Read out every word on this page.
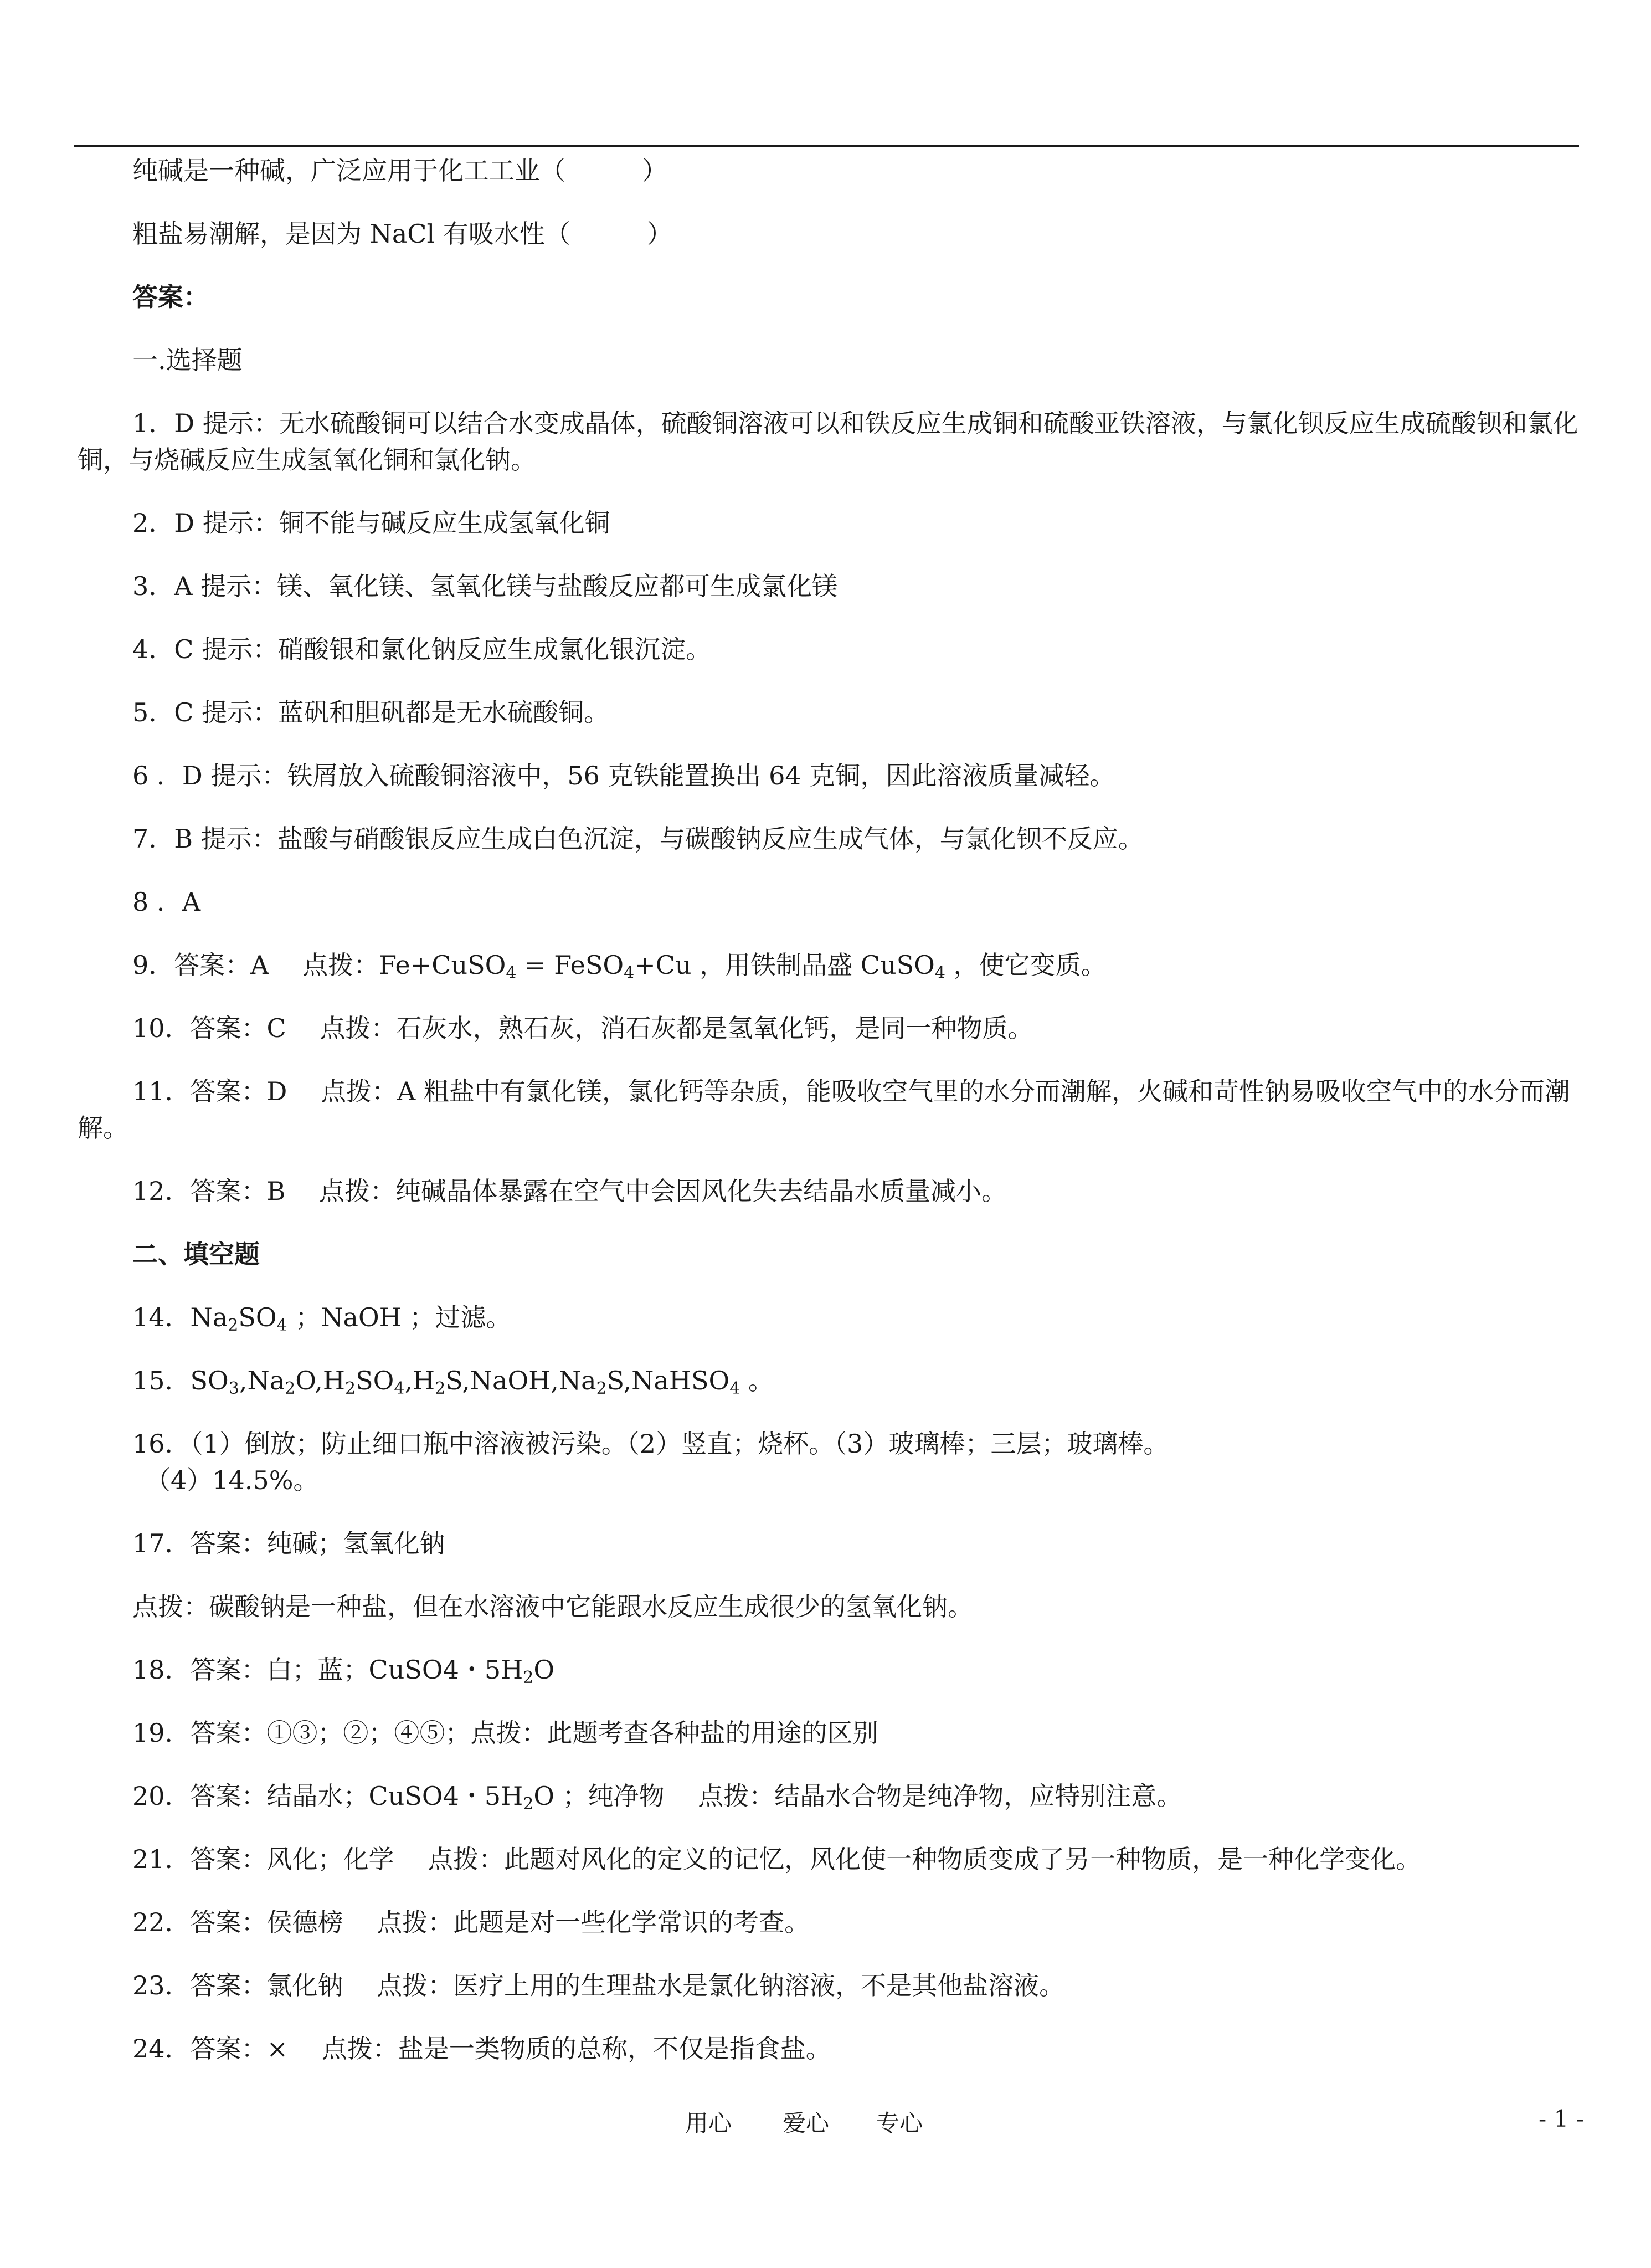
纯碱是一种碱，广泛应用于化工工业（　　　）
粗盐易潮解，是因为 NaCl 有吸水性（　　　）
答案：
一.选择题
1．D 提示：无水硫酸铜可以结合水变成晶体，硫酸铜溶液可以和铁反应生成铜和硫酸亚铁溶液，与氯化钡反应生成硫酸钡和氯化铜，与烧碱反应生成氢氧化铜和氯化钠。
2．D 提示：铜不能与碱反应生成氢氧化铜
3．A 提示：镁、氧化镁、氢氧化镁与盐酸反应都可生成氯化镁
4．C 提示：硝酸银和氯化钠反应生成氯化银沉淀。
5．C 提示：蓝矾和胆矾都是无水硫酸铜。
6 ．D 提示：铁屑放入硫酸铜溶液中，56 克铁能置换出 64 克铜，因此溶液质量减轻。
7．B 提示：盐酸与硝酸银反应生成白色沉淀，与碳酸钠反应生成气体，与氯化钡不反应。
8 ．A
9．答案：A　 点拨：Fe+CuSO$_4$ = FeSO$_4$+Cu ，用铁制品盛 CuSO$_4$ ，使它变质。
10．答案：C　 点拨：石灰水，熟石灰，消石灰都是氢氧化钙，是同一种物质。
11．答案：D　 点拨：A 粗盐中有氯化镁，氯化钙等杂质，能吸收空气里的水分而潮解，火碱和苛性钠易吸收空气中的水分而潮解。
12．答案：B　 点拨：纯碱晶体暴露在空气中会因风化失去结晶水质量减小。
二、填空题
14．$Na_2SO_4$ ；NaOH ；过滤。
15．$SO_3,Na_2O,H_2SO_4,H_2S,NaOH,Na_2S,NaHSO_4$ 。
16．（1）倒放；防止细口瓶中溶液被污染。（2）竖直；烧杯。（3）玻璃棒；三层；玻璃棒。
（4）14.5%。
17．答案：纯碱；氢氧化钠
点拨：碳酸钠是一种盐，但在水溶液中它能跟水反应生成很少的氢氧化钠。
18．答案：白；蓝；CuSO4・$5H_2O$
19．答案：①③；②；④⑤；点拨：此题考查各种盐的用途的区别
20．答案：结晶水；CuSO4・$5H_2O$ ；纯净物　 点拨：结晶水合物是纯净物，应特别注意。
21．答案：风化；化学　 点拨：此题对风化的定义的记忆，风化使一种物质变成了另一种物质，是一种化学变化。
22．答案：侯德榜　 点拨：此题是对一些化学常识的考查。
23．答案：氯化钠　 点拨：医疗上用的生理盐水是氯化钠溶液，不是其他盐溶液。
24．答案：×　 点拨：盐是一类物质的总称，不仅是指食盐。
用心 爱心 专心	- 1 -
